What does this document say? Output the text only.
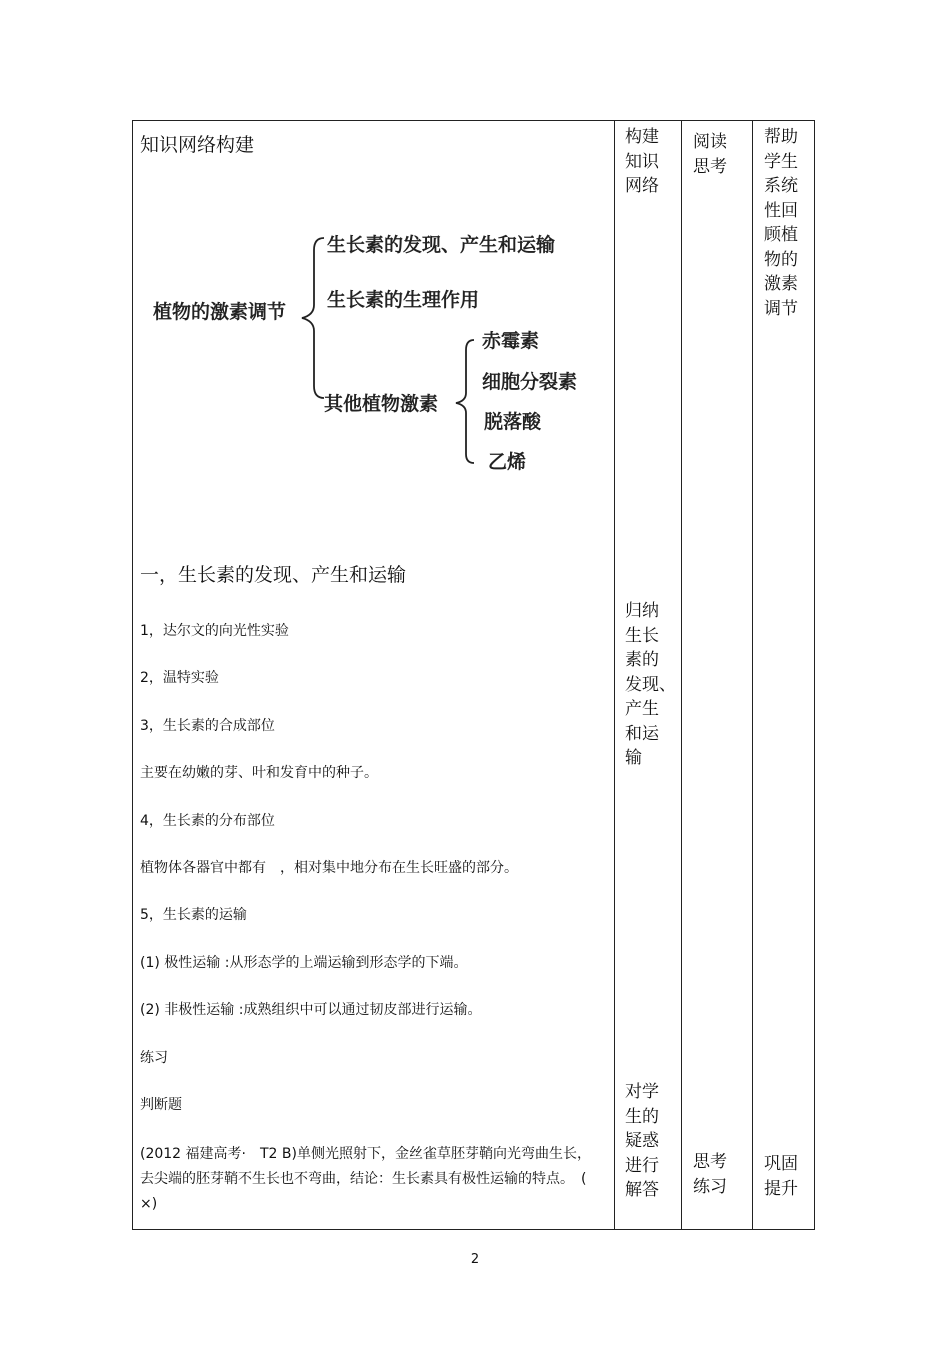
知识网络构建
植物的激素调节
生长素的发现、产生和运输
生长素的生理作用
其他植物激素
赤霉素
细胞分裂素
脱落酸
乙烯
一，生长素的发现、产生和运输
1，达尔文的向光性实验
2，温特实验
3，生长素的合成部位
主要在幼嫩的芽、叶和发育中的种子。
4，生长素的分布部位
植物体各器官中都有　，相对集中地分布在生长旺盛的部分。
5，生长素的运输
(1) 极性运输 :从形态学的上端运输到形态学的下端。
(2) 非极性运输 :成熟组织中可以通过韧皮部进行运输。
练习
判断题
(2012 福建高考·　T2 B)单侧光照射下，金丝雀草胚芽鞘向光弯曲生长，去尖端的胚芽鞘不生长也不弯曲，结论：生长素具有极性运输的特点。　( ×)
构建
知识
网络
归纳
生长
素的
发现、
产生
和运
输
对学
生的
疑惑
进行
解答
阅读
思考
思考
练习
帮助
学生
系统
性回
顾植
物的
激素
调节
巩固
提升
2
